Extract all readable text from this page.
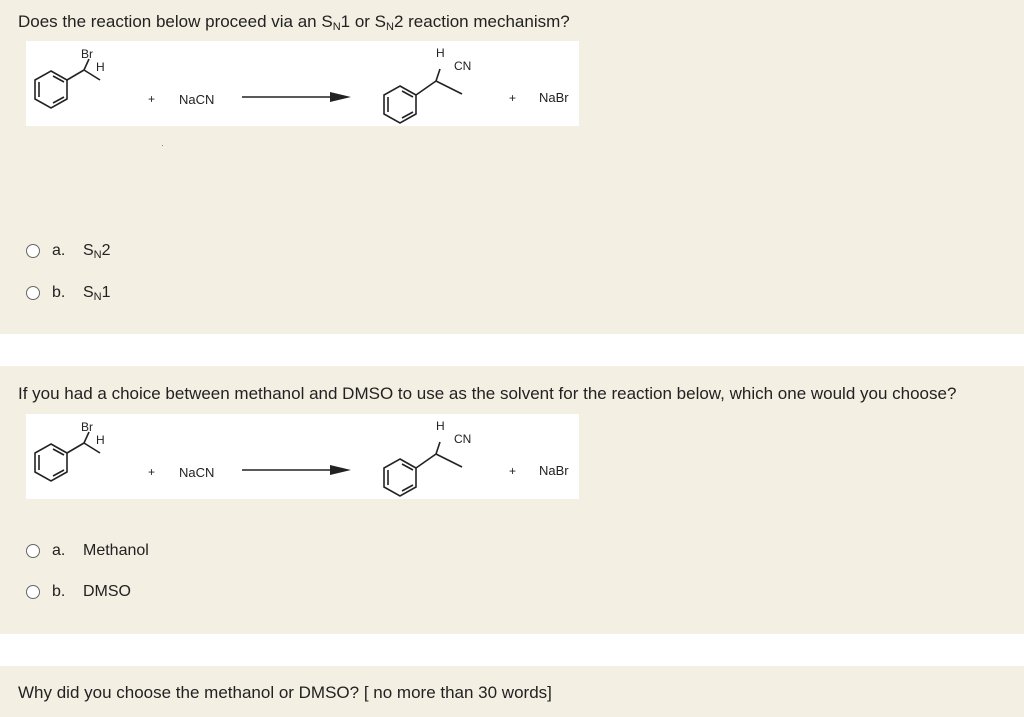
Does the reaction below proceed via an SN1 or SN2 reaction mechanism?
Br
H
+ NaCN
H
CN
+ NaBr
a.	SN2
b.	SN1
If you had a choice between methanol and DMSO to use as the solvent for the reaction below, which one would you choose?
Br
H
+ NaCN
H
CN
+ NaBr
a.	Methanol
b.	DMSO
Why did you choose the methanol or DMSO? [ no more than 30 words]
